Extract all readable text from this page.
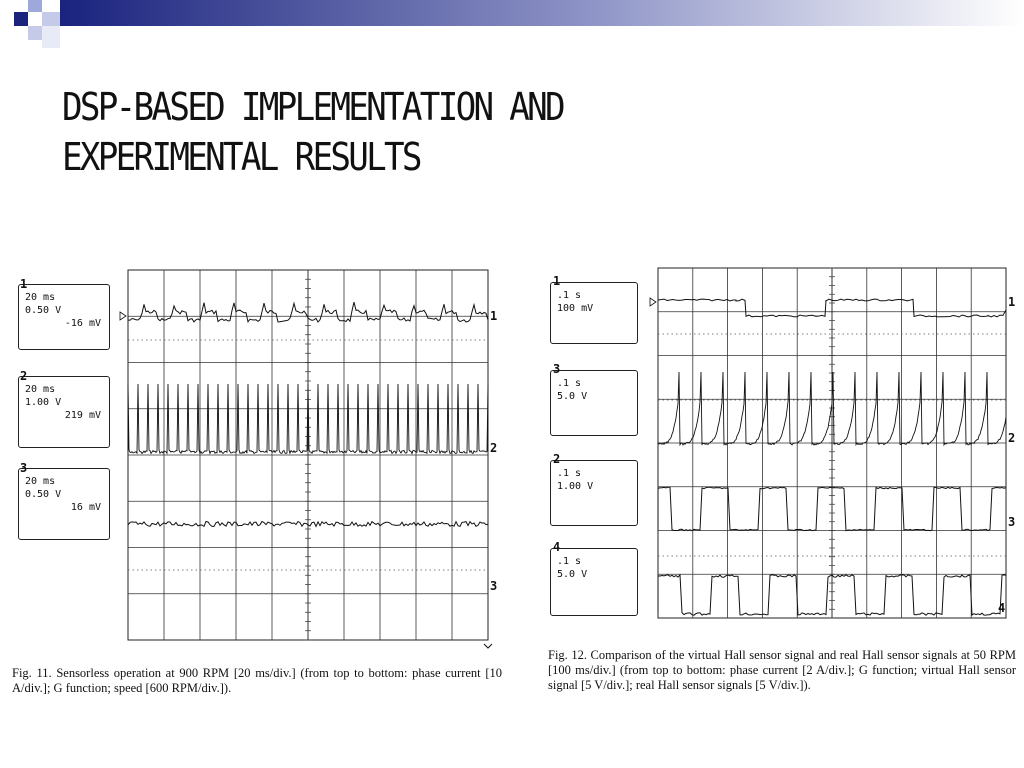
DSP-BASED IMPLEMENTATION AND
EXPERIMENTAL RESULTS
20 ms
0.50 V
-16 mV
1
20 ms
1.00 V
219 mV
2
20 ms
0.50 V
16 mV
3
1
2
3
Fig. 11. Sensorless operation at 900 RPM [20 ms/div.] (from top to bottom: phase current [10 A/div.]; G function; speed [600 RPM/div.]).
.1 s
100 mV
1
.1 s
5.0 V
3
.1 s
1.00 V
2
.1 s
5.0 V
4
1
2
3
4
Fig. 12. Comparison of the virtual Hall sensor signal and real Hall sensor signals at 50 RPM [100 ms/div.] (from top to bottom: phase current [2 A/div.]; G function; virtual Hall sensor signal [5 V/div.]; real Hall sensor signals [5 V/div.]).
